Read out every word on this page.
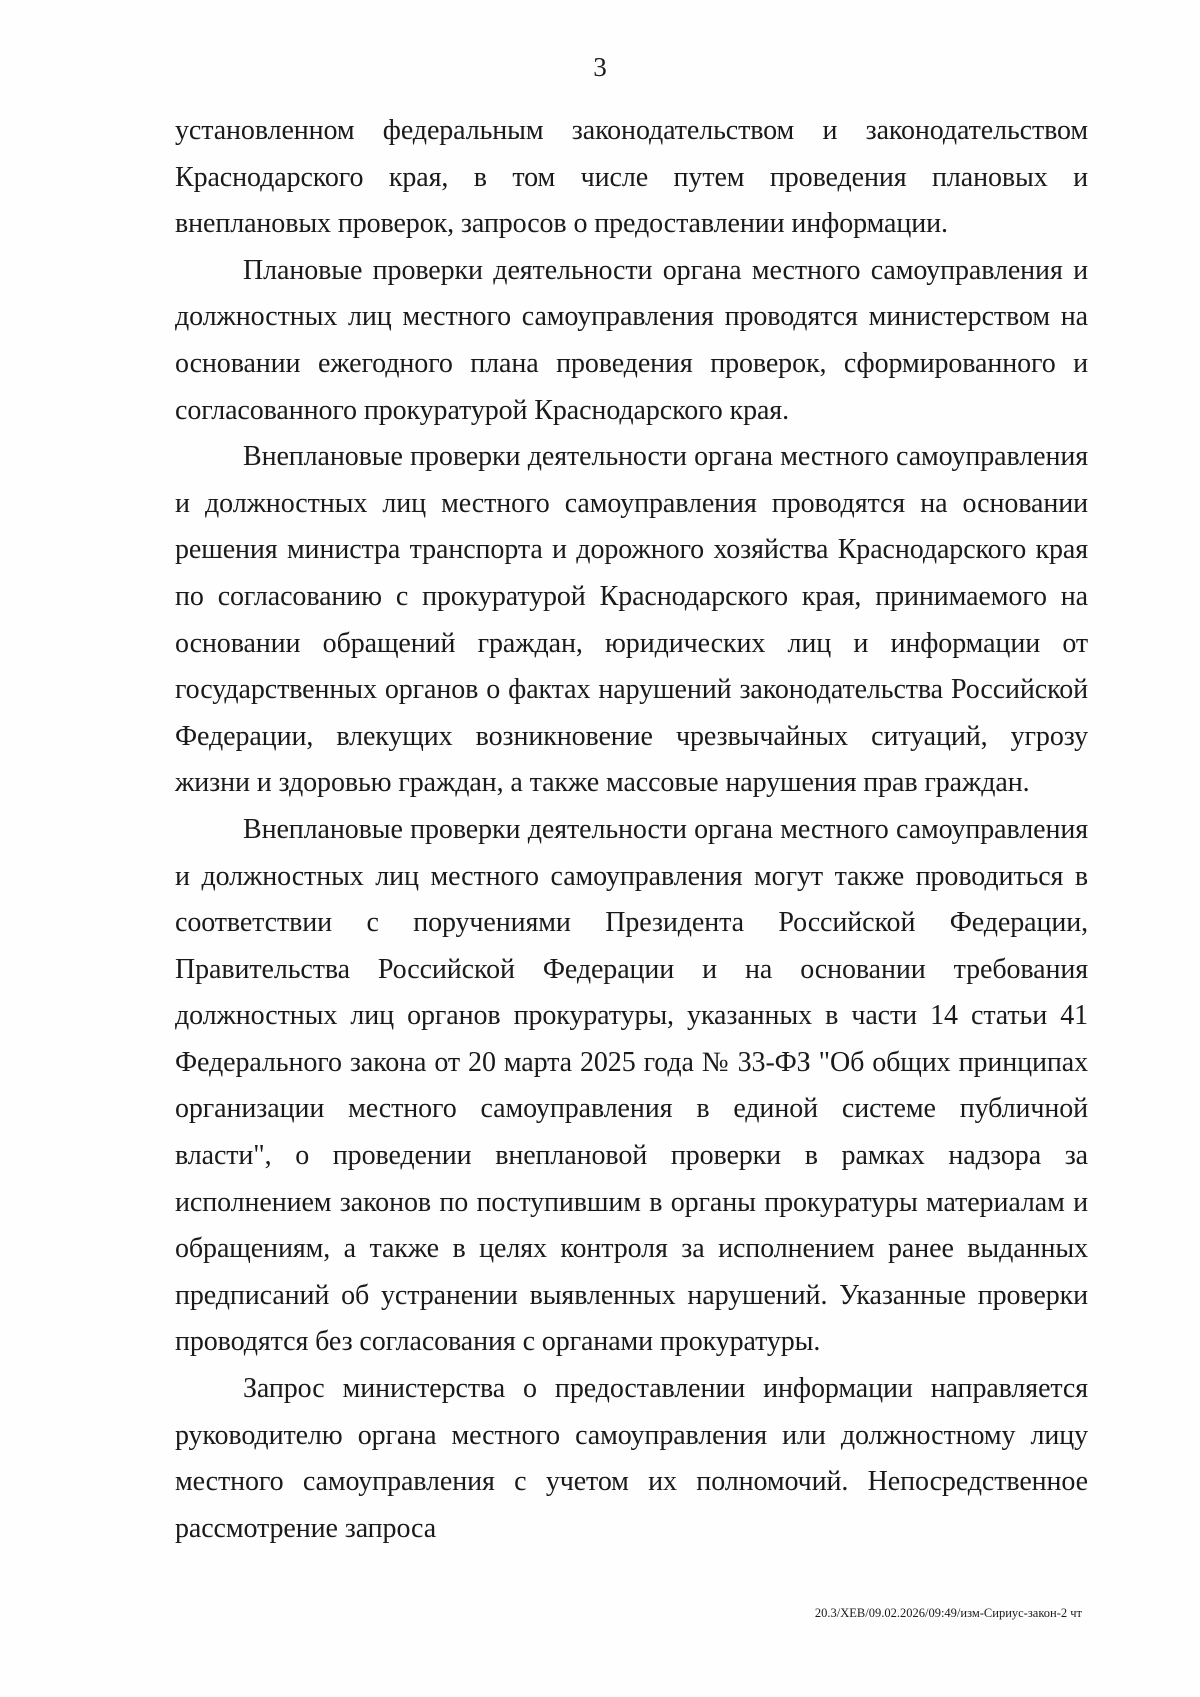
3

установленном федеральным законодательством и законодательством Краснодарского края, в том числе путем проведения плановых и внеплановых проверок, запросов о предоставлении информации.

Плановые проверки деятельности органа местного самоуправления и должностных лиц местного самоуправления проводятся министерством на основании ежегодного плана проведения проверок, сформированного и согласованного прокуратурой Краснодарского края.

Внеплановые проверки деятельности органа местного самоуправления и должностных лиц местного самоуправления проводятся на основании решения министра транспорта и дорожного хозяйства Краснодарского края по согласованию с прокуратурой Краснодарского края, принимаемого на основании обращений граждан, юридических лиц и информации от государственных органов о фактах нарушений законодательства Российской Федерации, влекущих возникновение чрезвычайных ситуаций, угрозу жизни и здоровью граждан, а также массовые нарушения прав граждан.

Внеплановые проверки деятельности органа местного самоуправления и должностных лиц местного самоуправления могут также проводиться в соответствии с поручениями Президента Российской Федерации, Правительства Российской Федерации и на основании требования должностных лиц органов прокуратуры, указанных в части 14 статьи 41 Федерального закона от 20 марта 2025 года № 33-ФЗ "Об общих принципах организации местного самоуправления в единой системе публичной власти", о проведении внеплановой проверки в рамках надзора за исполнением законов по поступившим в органы прокуратуры материалам и обращениям, а также в целях контроля за исполнением ранее выданных предписаний об устранении выявленных нарушений. Указанные проверки проводятся без согласования с органами прокуратуры.

Запрос министерства о предоставлении информации направляется руководителю органа местного самоуправления или должностному лицу местного самоуправления с учетом их полномочий. Непосредственное рассмотрение запроса

20.3/ХЕВ/09.02.2026/09:49/изм-Сириус-закон-2 чт
